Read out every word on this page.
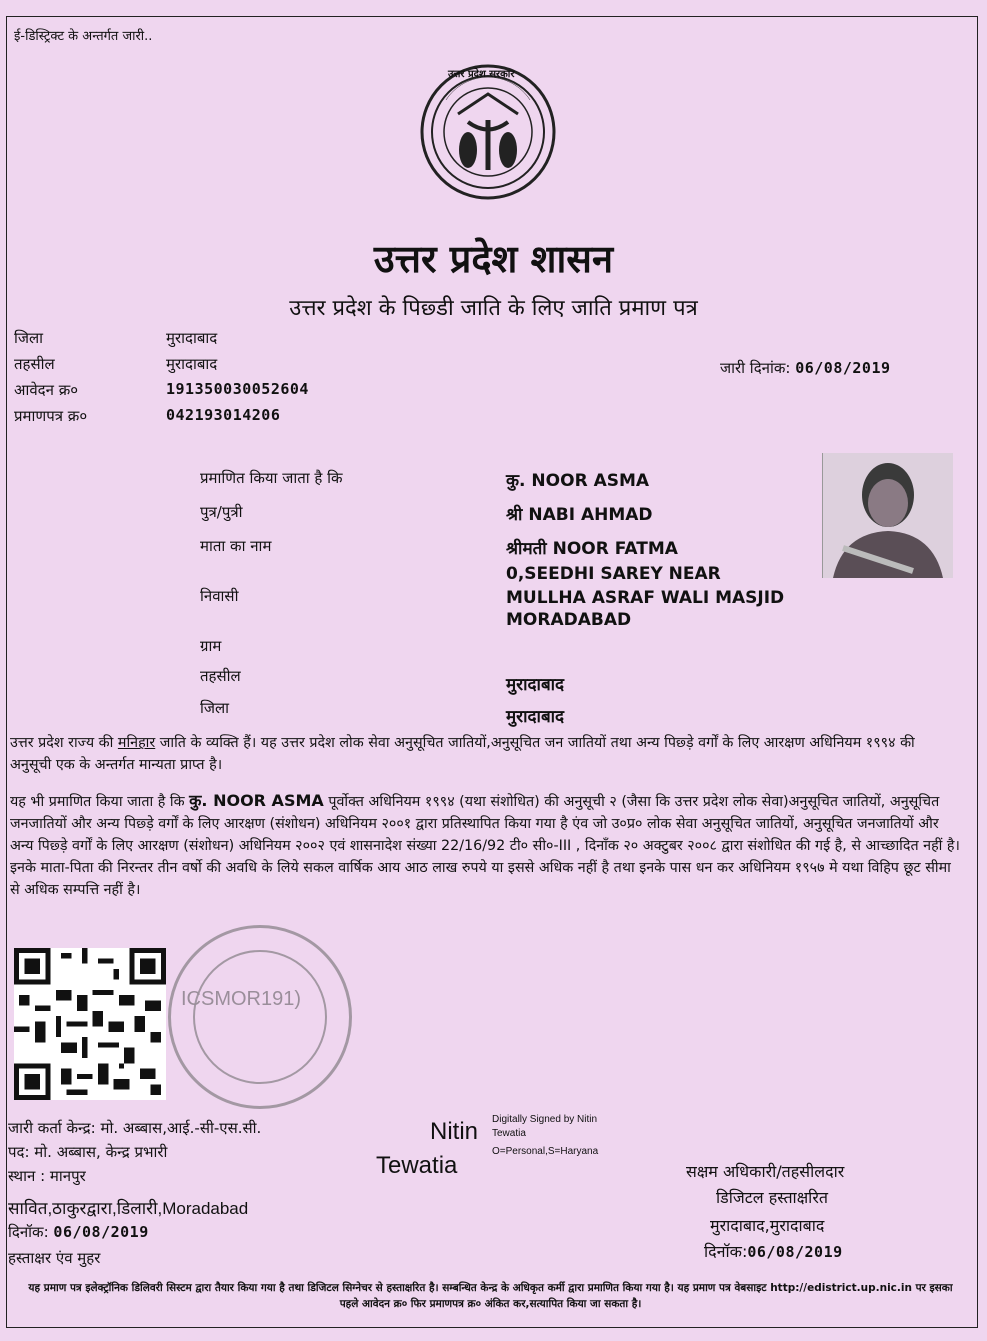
ई-डिस्ट्रिक्ट के अन्तर्गत जारी..
उत्तर प्रदेश सरकार
उत्तर प्रदेश शासन
उत्तर प्रदेश के पिछ्डी जाति के लिए जाति प्रमाण पत्र
जिला	मुरादाबाद
तहसील	मुरादाबाद
आवेदन क्र०	191350030052604
प्रमाणपत्र क्र०	042193014206
जारी दिनांक: 06/08/2019
प्रमाणित किया जाता है कि	कु. NOOR ASMA
पुत्र/पुत्री	श्री NABI AHMAD
माता का नाम	श्रीमती NOOR FATMA
0,SEEDHI SAREY NEAR
निवासी	MULLHA ASRAF WALI MASJID
MORADABAD
ग्राम
तहसील	मुरादाबाद
जिला	मुरादाबाद

उत्तर प्रदेश राज्य की मनिहार जाति के व्यक्ति हैं। यह उत्तर प्रदेश लोक सेवा अनुसूचित जातियों,अनुसूचित जन जातियों तथा अन्य पिछ्ड़े वर्गों के लिए आरक्षण अधिनियम १९९४ की अनुसूची एक के अन्तर्गत मान्यता प्राप्त है।

यह भी प्रमाणित किया जाता है कि कु. NOOR ASMA पूर्वोक्त अधिनियम १९९४ (यथा संशोधित) की अनुसूची २ (जैसा कि उत्तर प्रदेश लोक सेवा)अनुसूचित जातियों, अनुसूचित जनजातियों और अन्य पिछ्ड़े वर्गों के लिए आरक्षण (संशोधन) अधिनियम २००१ द्वारा प्रतिस्थापित किया गया है एंव जो उ०प्र० लोक सेवा अनुसूचित जातियों, अनुसूचित जनजातियों और अन्य पिछ्ड़े वर्गों के लिए आरक्षण (संशोधन) अधिनियम २००२ एवं शासनादेश संख्या 22/16/92 टी० सी०-III , दिनाँक २० अक्टुबर २००८ द्वारा संशोधित की गई है, से आच्छादित नहीं है। इनके माता-पिता की निरन्तर तीन वर्षो की अवधि के लिये सकल वार्षिक आय आठ लाख रुपये या इससे अधिक नहीं है तथा इनके पास धन कर अधिनियम १९५७ मे यथा विहिप छूट सीमा से अधिक सम्पत्ति नहीं है।

ICSMOR191)
जारी कर्ता केन्द्र: मो. अब्बास,आई.-सी-एस.सी.
पद: मो. अब्बास, केन्द्र प्रभारी
स्थान : मानपुर
सावित,ठाकुरद्वारा,डिलारी,Moradabad
दिनॉक: 06/08/2019
हस्ताक्षर एंव मुहर
Nitin
Tewatia
Digitally Signed by Nitin
Tewatia
O=Personal,S=Haryana
सक्षम अधिकारी/तहसीलदार
डिजिटल हस्ताक्षरित
मुरादाबाद,मुरादाबाद
दिनॉक:06/08/2019
यह प्रमाण पत्र इलेक्ट्रॉनिक डिलिवरी सिस्टम द्वारा तैयार किया गया है तथा डिजिटल सिग्नेचर से हस्ताक्षरित है। सम्बन्धित केन्द्र के अधिकृत कर्मी द्वारा प्रमाणित किया गया है। यह प्रमाण पत्र वेबसाइट http://edistrict.up.nic.in पर इसका पहले आवेदन क्र० फिर प्रमाणपत्र क्र० अंकित कर,सत्यापित किया जा सकता है।
